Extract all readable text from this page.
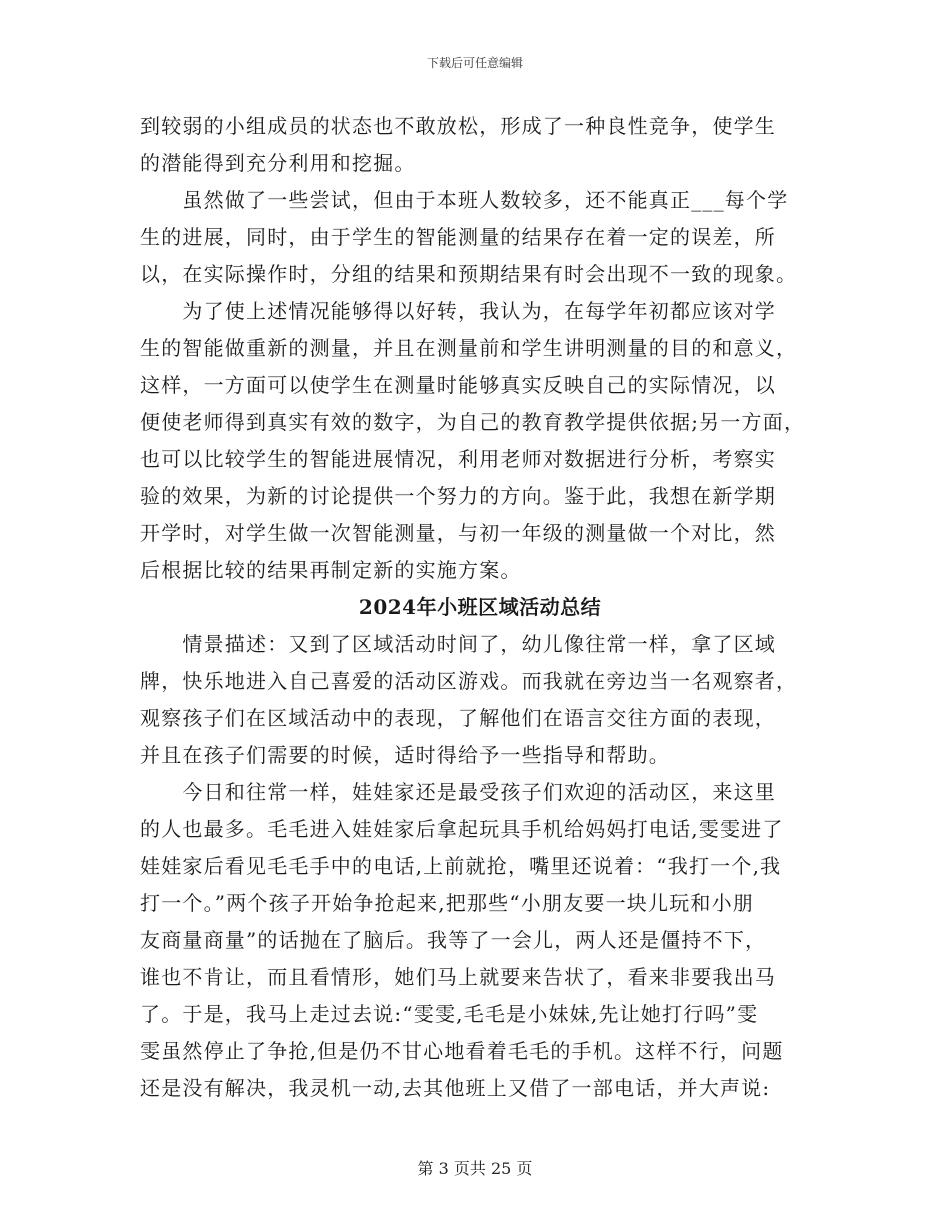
下载后可任意编辑
到较弱的小组成员的状态也不敢放松，形成了一种良性竞争，使学生
的潜能得到充分利用和挖掘。
　　虽然做了一些尝试，但由于本班人数较多，还不能真正___每个学
生的进展，同时，由于学生的智能测量的结果存在着一定的误差，所
以，在实际操作时，分组的结果和预期结果有时会出现不一致的现象。
　　为了使上述情况能够得以好转，我认为，在每学年初都应该对学
生的智能做重新的测量，并且在测量前和学生讲明测量的目的和意义，
这样，一方面可以使学生在测量时能够真实反映自己的实际情况，以
便使老师得到真实有效的数字，为自己的教育教学提供依据;另一方面，
也可以比较学生的智能进展情况，利用老师对数据进行分析，考察实
验的效果，为新的讨论提供一个努力的方向。鉴于此，我想在新学期
开学时，对学生做一次智能测量，与初一年级的测量做一个对比，然
后根据比较的结果再制定新的实施方案。
2024年小班区域活动总结
　　情景描述：又到了区域活动时间了，幼儿像往常一样，拿了区域
牌，快乐地进入自己喜爱的活动区游戏。而我就在旁边当一名观察者，
观察孩子们在区域活动中的表现，了解他们在语言交往方面的表现，
并且在孩子们需要的时候，适时得给予一些指导和帮助。
　　今日和往常一样，娃娃家还是最受孩子们欢迎的活动区，来这里
的人也最多。毛毛进入娃娃家后拿起玩具手机给妈妈打电话,雯雯进了
娃娃家后看见毛毛手中的电话,上前就抢，嘴里还说着：“我打一个,我
打一个。”两个孩子开始争抢起来,把那些“小朋友要一块儿玩和小朋
友商量商量”的话抛在了脑后。我等了一会儿，两人还是僵持不下，
谁也不肯让，而且看情形，她们马上就要来告状了，看来非要我出马
了。于是，我马上走过去说:“雯雯,毛毛是小妹妹,先让她打行吗”雯
雯虽然停止了争抢,但是仍不甘心地看着毛毛的手机。这样不行，问题
还是没有解决，我灵机一动,去其他班上又借了一部电话，并大声说:
第 3 页共 25 页
